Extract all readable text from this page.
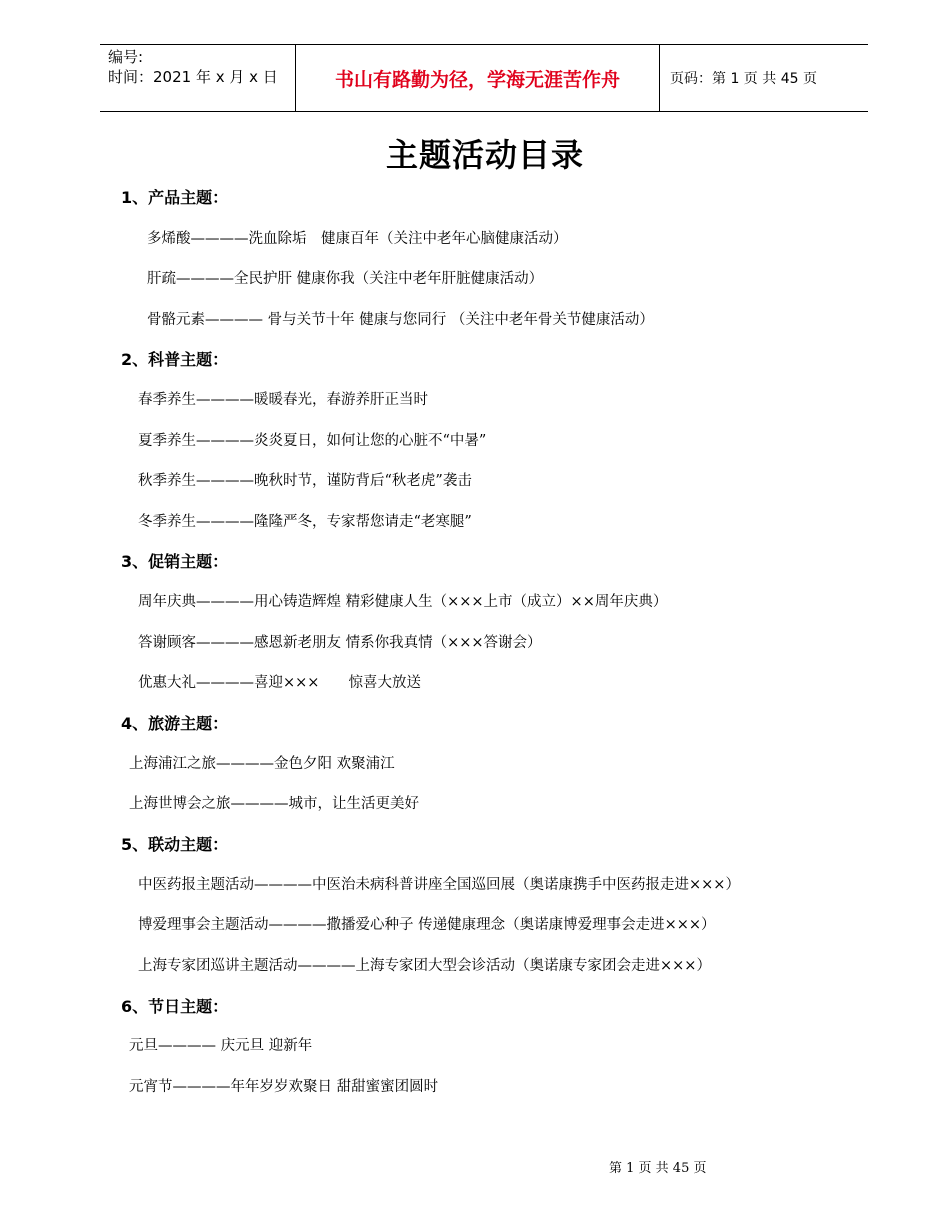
编号:
时间：2021 年 x 月 x 日	书山有路勤为径，学海无涯苦作舟	页码：第 1 页 共 45 页
主题活动目录
1、产品主题：
多烯酸————洗血除垢　健康百年（关注中老年心脑健康活动）
肝疏————全民护肝 健康你我（关注中老年肝脏健康活动）
骨骼元素———— 骨与关节十年 健康与您同行 （关注中老年骨关节健康活动）
2、科普主题：
春季养生————暖暖春光，春游养肝正当时
夏季养生————炎炎夏日，如何让您的心脏不“中暑”
秋季养生————晚秋时节，谨防背后“秋老虎”袭击
冬季养生————隆隆严冬，专家帮您请走“老寒腿”
3、促销主题：
周年庆典————用心铸造辉煌 精彩健康人生（×××上市（成立）××周年庆典）
答谢顾客————感恩新老朋友 情系你我真情（×××答谢会）
优惠大礼————喜迎×××　　惊喜大放送
4、旅游主题：
上海浦江之旅————金色夕阳 欢聚浦江
上海世博会之旅————城市，让生活更美好
5、联动主题：
中医药报主题活动————中医治未病科普讲座全国巡回展（奥诺康携手中医药报走进×××）
博爱理事会主题活动————撒播爱心种子 传递健康理念（奥诺康博爱理事会走进×××）
上海专家团巡讲主题活动————上海专家团大型会诊活动（奥诺康专家团会走进×××）
6、节日主题：
元旦———— 庆元旦 迎新年
元宵节————年年岁岁欢聚日 甜甜蜜蜜团圆时
第 1 页 共 45 页
